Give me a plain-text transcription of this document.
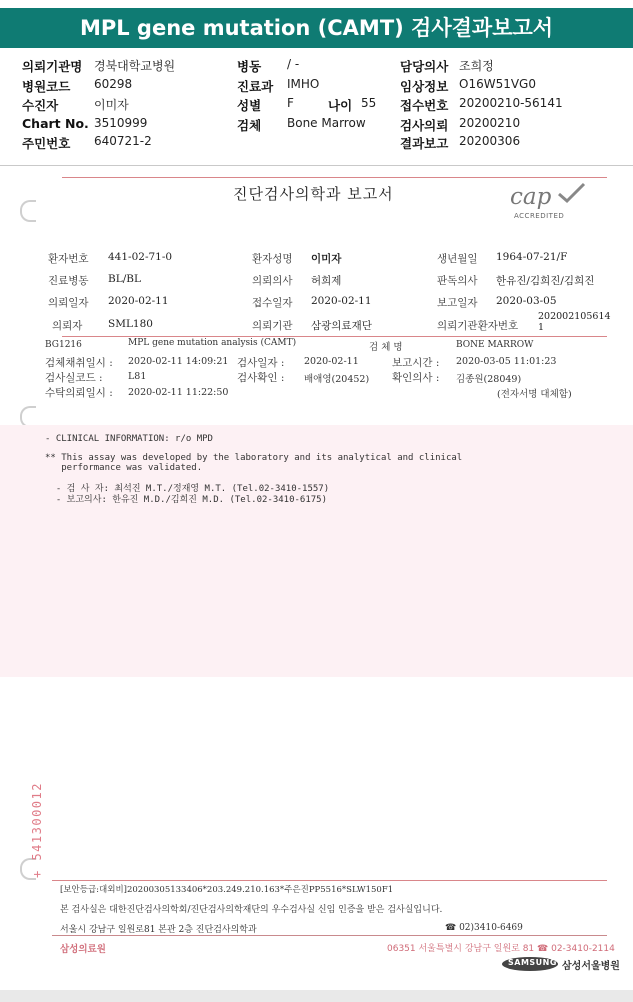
MPL gene mutation (CAMT) 검사결과보고서
의뢰기관명 경북대학교병원
병원코드 60298
수진자	이미자
Chart No. 3510999
주민번호 640721-2
병동 / -
진료과 IMHO
성별 F	나이 55
검체 Bone Marrow
담당의사 조희정
임상정보 O16W51VG0
접수번호 20200210-56141
검사의뢰 20200210
결과보고 20200306
진단검사의학과 보고서	cap
ACCREDITED
환자번호 441-02-71-0	환자성명 이미자	생년월일 1964-07-21/F
진료병동 BL/BL	의뢰의사 허희제	판독의사 한유진/김희진/김희진
의뢰일자 2020-02-11	접수일자 2020-02-11	보고일자 2020-03-05
의뢰자 SML180	의뢰기관 삼광의료재단	의뢰기관환자번호
202002105614 1
BG1216	MPL gene mutation analysis (CAMT)	검 체 명	BONE MARROW
검체채취일시 : 2020-02-11 14:09:21 검사일자 : 2020-02-11	보고시간 : 2020-03-05 11:01:23
검사실코드 :	L81	검사확인 : 배애영(20452) 확인의사 : 김종원(28049)
수탁의뢰일시 : 2020-02-11 11:22:50	(전자서명 대체함)
- CLINICAL INFORMATION: r/o MPD
** This assay was developed by the laboratory and its analytical and clinical
performance was validated.
- 검 사 자: 최석진 M.T./정재영 M.T. (Tel.02-3410-1557)
- 보고의사: 한유진 M.D./김희진 M.D. (Tel.02-3410-6175)
+ 541300012
[보안등급:대외비]20200305133406*203.249.210.163*주은진PP5516*SLW150F1
본 검사실은 대한진단검사의학회/진단검사의학재단의 우수검사실 신임 인증을 받은 검사실입니다.
서울시 강남구 일원로81 본관 2층 진단검사의학과	☎ 02)3410-6469
삼성의료원	06351 서울특별시 강남구 일원로 81 ☎ 02-3410-2114
SAMSUNG 삼성서울병원
